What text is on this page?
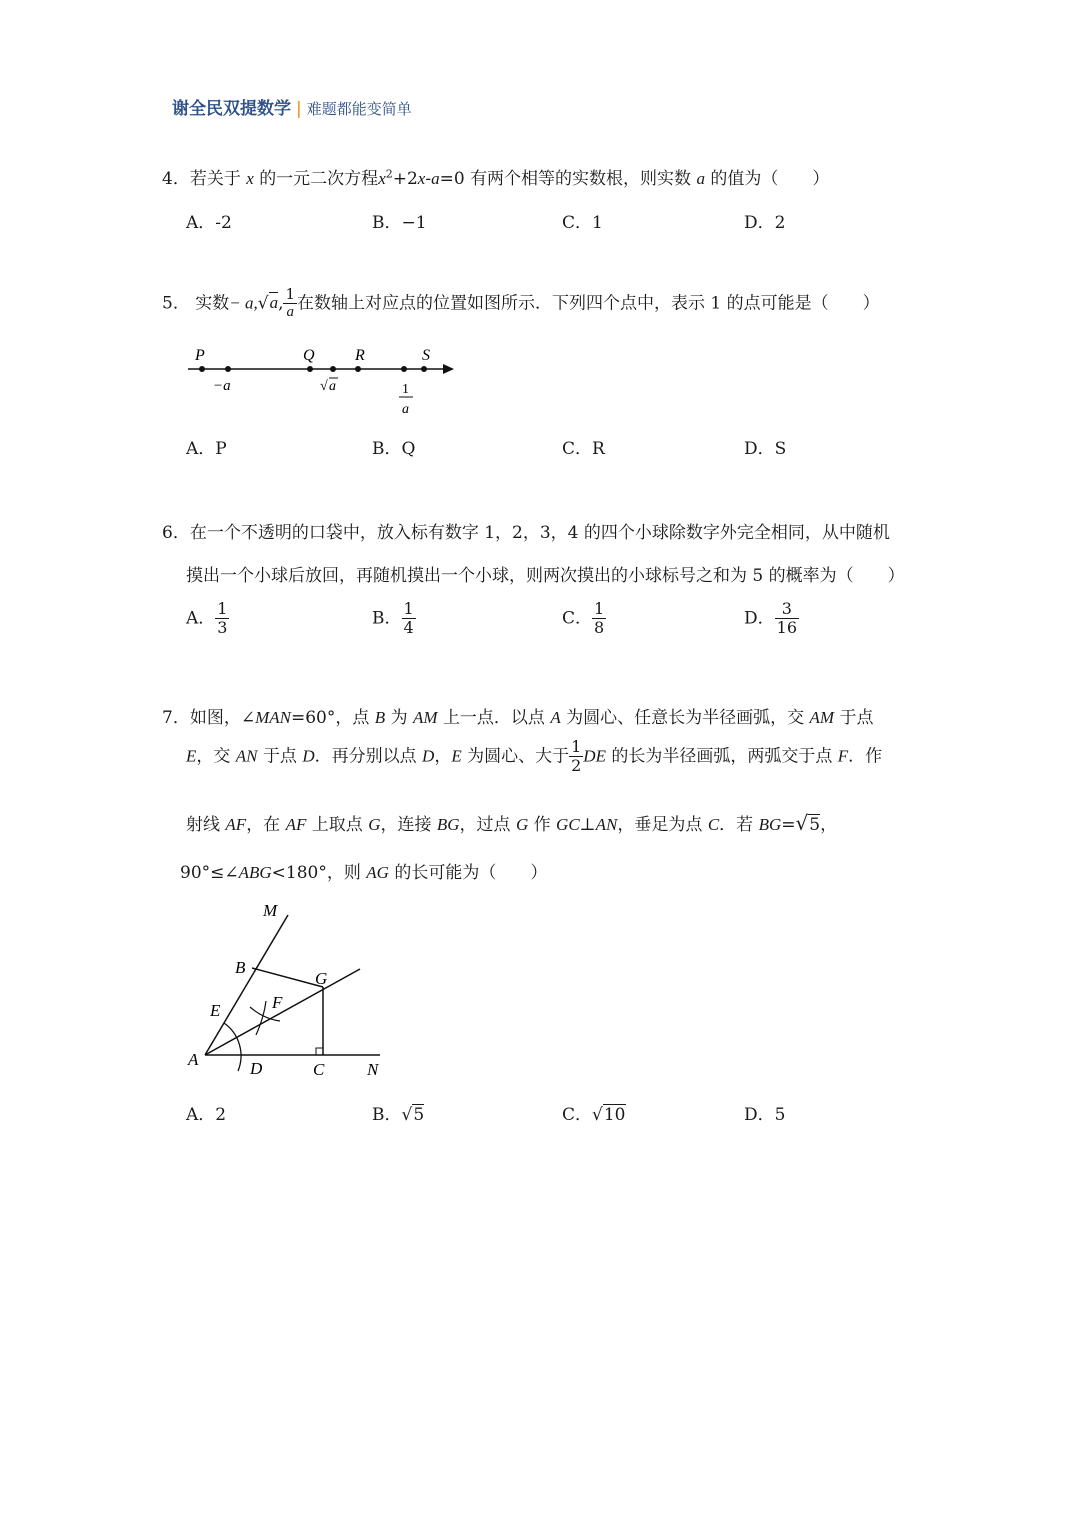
谢全民双提数学 | 难题都能变简单
4．若关于 x 的一元二次方程$x^2+2x-a=0$ 有两个相等的实数根，则实数 a 的值为（　　）
A．-2	B．−1	C．1	D．2
5． 实数− a,√a, $\frac{1}{a}$ 在数轴上对应点的位置如图所示．下列四个点中，表示 1 的点可能是（　　）
P	Q	R	S
−a	√ a	1
a
A．P	B．Q	C．R	D．S
6．在一个不透明的口袋中，放入标有数字 1，2，3，4 的四个小球除数字外完全相同，从中随机
摸出一个小球后放回，再随机摸出一个小球，则两次摸出的小球标号之和为 5 的概率为（　　）
A． $\frac{1}{3}$	B． $\frac{1}{4}$	C． $\frac{1}{8}$	D． $\frac{3}{16}$
7．如图，∠MAN=60°，点 B 为 AM 上一点．以点 A 为圆心、任意长为半径画弧，交 AM 于点
E，交 AN 于点 D．再分别以点 D，E 为圆心、大于 $\frac{1}{2}$ DE 的长为半径画弧，两弧交于点 F．作
射线 AF，在 AF 上取点 G，连接 BG，过点 G 作 GC⊥AN，垂足为点 C．若 BG=√5，
90°≤∠ABG<180°，则 AG 的长可能为（　　）
M
B
G
E	F
A	D	C	N
A．2	B．√5	C．√10	D．5
